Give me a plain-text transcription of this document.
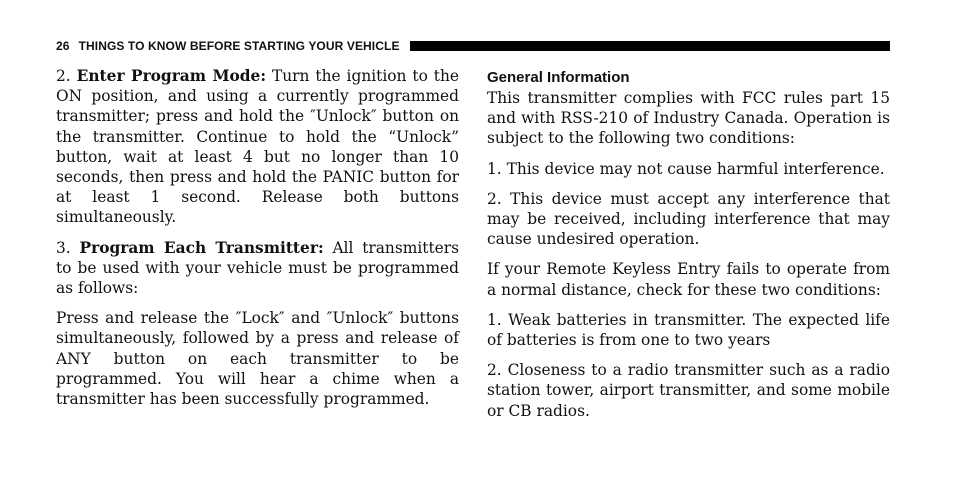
26 THINGS TO KNOW BEFORE STARTING YOUR VEHICLE

2. Enter Program Mode: Turn the ignition to the ON position, and using a currently programmed transmitter; press and hold the ″Unlock″ button on the transmitter. Continue to hold the “Unlock” button, wait at least 4 but no longer than 10 seconds, then press and hold the PANIC button for at least 1 second. Release both buttons simultaneously.

3. Program Each Transmitter: All transmitters to be used with your vehicle must be programmed as follows:

Press and release the ″Lock″ and ″Unlock″ buttons simultaneously, followed by a press and release of ANY button on each transmitter to be programmed. You will hear a chime when a transmitter has been successfully programmed.

General Information

This transmitter complies with FCC rules part 15 and with RSS-210 of Industry Canada. Operation is subject to the following two conditions:

1. This device may not cause harmful interference.

2. This device must accept any interference that may be received, including interference that may cause undesired operation.

If your Remote Keyless Entry fails to operate from a normal distance, check for these two conditions:

1. Weak batteries in transmitter. The expected life of batteries is from one to two years

2. Closeness to a radio transmitter such as a radio station tower, airport transmitter, and some mobile or CB radios.
